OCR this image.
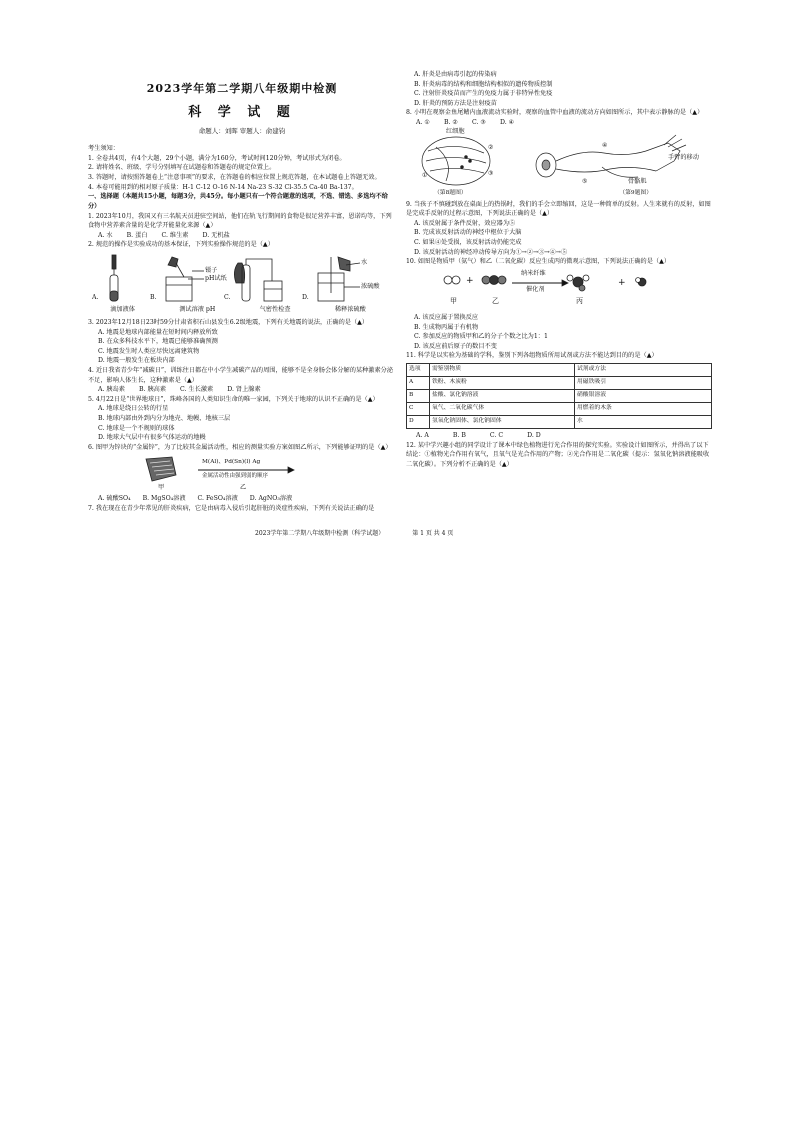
2023学年第二学期八年级期中检测
科 学 试 题
命题人：刘晖 审题人：俞建钧
考生须知：
1. 全卷共4页，有4个大题，29个小题，满分为160分，考试时间120分钟，考试形式为闭卷。
2. 请将姓名、班级、学号分别填写在试题卷和答题卷的规定位置上。
3. 答题时，请按照答题卷上“注意事项”的要求，在答题卷的相应位置上规范答题，在本试题卷上答题无效。
4. 本卷可能用到的相对原子质量：H-1 C-12 O-16 N-14 Na-23 S-32 Cl-35.5 Ca-40 Ba-137。
一、选择题（本题共15小题，每题3分，共45分。每小题只有一个符合题意的选项，不选、错选、多选均不给分）
1. 2023年10月，我国又有三名航天员进驻空间站，他们在轨飞行期间的食物是很足营养丰富，恩诺均等，下列食物中营养素含量的是化学开能量化来源（▲）
A. 水 B. 蛋白 C. 维生素 D. 无机盐
2. 规范的操作是实验成功的基本保证，下列实验操作规范的是（▲）
A.	B.	C.	D.
镊子
pH试纸
水
浓硫酸
滴加液体	测试溶液 pH	气密性检查	稀释浓硫酸
3. 2023年12月18日23时59分甘肃省积石山县发生6.2级地震，下列有关地震的说法，正确的是（▲）
A. 地震是地球内部能量在短时间内释放所致
B. 在众多科技水平下，地震已能够准确预测
C. 地震发生时人类应尽快远离建筑物
D. 地震一般发生在板块内部
4. 近日我省青少年“减碳日”，训练往日都在中小学生减碳产品的周围，能够不是全身肠会体分解的某种激素分泌不足，影响人体生长，这种激素是（▲）
A. 胰岛素 B. 胰高素 C. 生长激素 D. 肾上腺素
5. 4月22日是“世界地球日”，珠峰各国的人类知识生命的唯一家园，下列关于地球的认识不正确的是（▲）
A. 地球是绕日公转的行星
B. 地球内部由外到内分为地壳、地幔、地核三层
C. 地球是一个不规则的球体
D. 地球大气层中有很多气体运动的地幔
6. 图甲为锌块的“金属锌”，为了比较其金属活动性，相应的测量实验方案如图乙所示，下列能够证明的是（▲）
M(Al)、Pd(Sn)(l) Ag
金属活动性由强到弱的顺序
甲	乙
A. 硫酸SO₄ B. MgSO₄溶液 C. FeSO₄溶液 D. AgNO₃溶液
7. 我在现在在青少年常见的肝炎疾病，它是由病毒入侵后引起肝脏的炎症性疾病，下列有关说法正确的是
A. 肝炎是由病毒引起的传染病
B. 肝炎病毒的结构和细胞结构相似的遗传物质控制
C. 注射肝炎疫苗而产生的免疫力属于非特异性免疫
D. 肝炎的预防方法是注射疫苗
8. 小明在观察金鱼尾鳍内血液流动实验时，观察的血管中血液的流动方向如图所示，其中表示静脉的是（▲）
A. ① B. ② C. ③ D. ④
红细胞
手臂的移动
骨骼肌
①
②
③
④
⑤
（第8题图）	（第9题图）
9. 当孩子不慎碰到放在桌面上的热锅时，我们的手会立即缩回，这是一种简单的反射。人生来就有的反射，如图是完成手反射的过程示意图，下列说法正确的是（▲）
A. 该反射属于条件反射，效应器为⑤
B. 完成该反射活动的神经中枢位于大脑
C. 如果④处受损，该反射活动仍能完成
D. 该反射活动的神经冲动传导方向为①→②→③→④→⑤
10. 如图是物质甲（氨气）和乙（二氧化碳）反应生成丙的微观示意图，下列说法正确的是（▲）
+	+
纳米纤维
催化剂
甲	乙	丙
A. 该反应属于置换反应
B. 生成物丙属于有机物
C. 参加反应的物质甲和乙的分子个数之比为1：1
D. 该反应前后原子的数目不变
11. 科学是以实验为基础的学科，鉴别下列各组物质所用试剂或方法不能达到目的的是（▲）
选项	需鉴别物质	试剂或方法
A	铁粉、木炭粉	用磁铁吸引
B	盐酸、氯化钠溶液	硝酸银溶液
C	氧气、二氧化碳气体	用燃着的木条
D	氢氧化钠固体、氯化钠固体	水
A. A	B. B	C. C	D. D
12. 某中学兴趣小组的同学设计了课本中绿色植物进行光合作用的探究实验。实验设计如图所示，并得出了以下结论：①植物光合作用有氧气，且氧气是光合作用的产物；②光合作用是二氧化碳（提示：氢氧化钠溶液能吸收二氧化碳）。下列分析不正确的是（▲）
2023学年第二学期八年级期中检测（科学试题）	第 1 页 共 4 页
